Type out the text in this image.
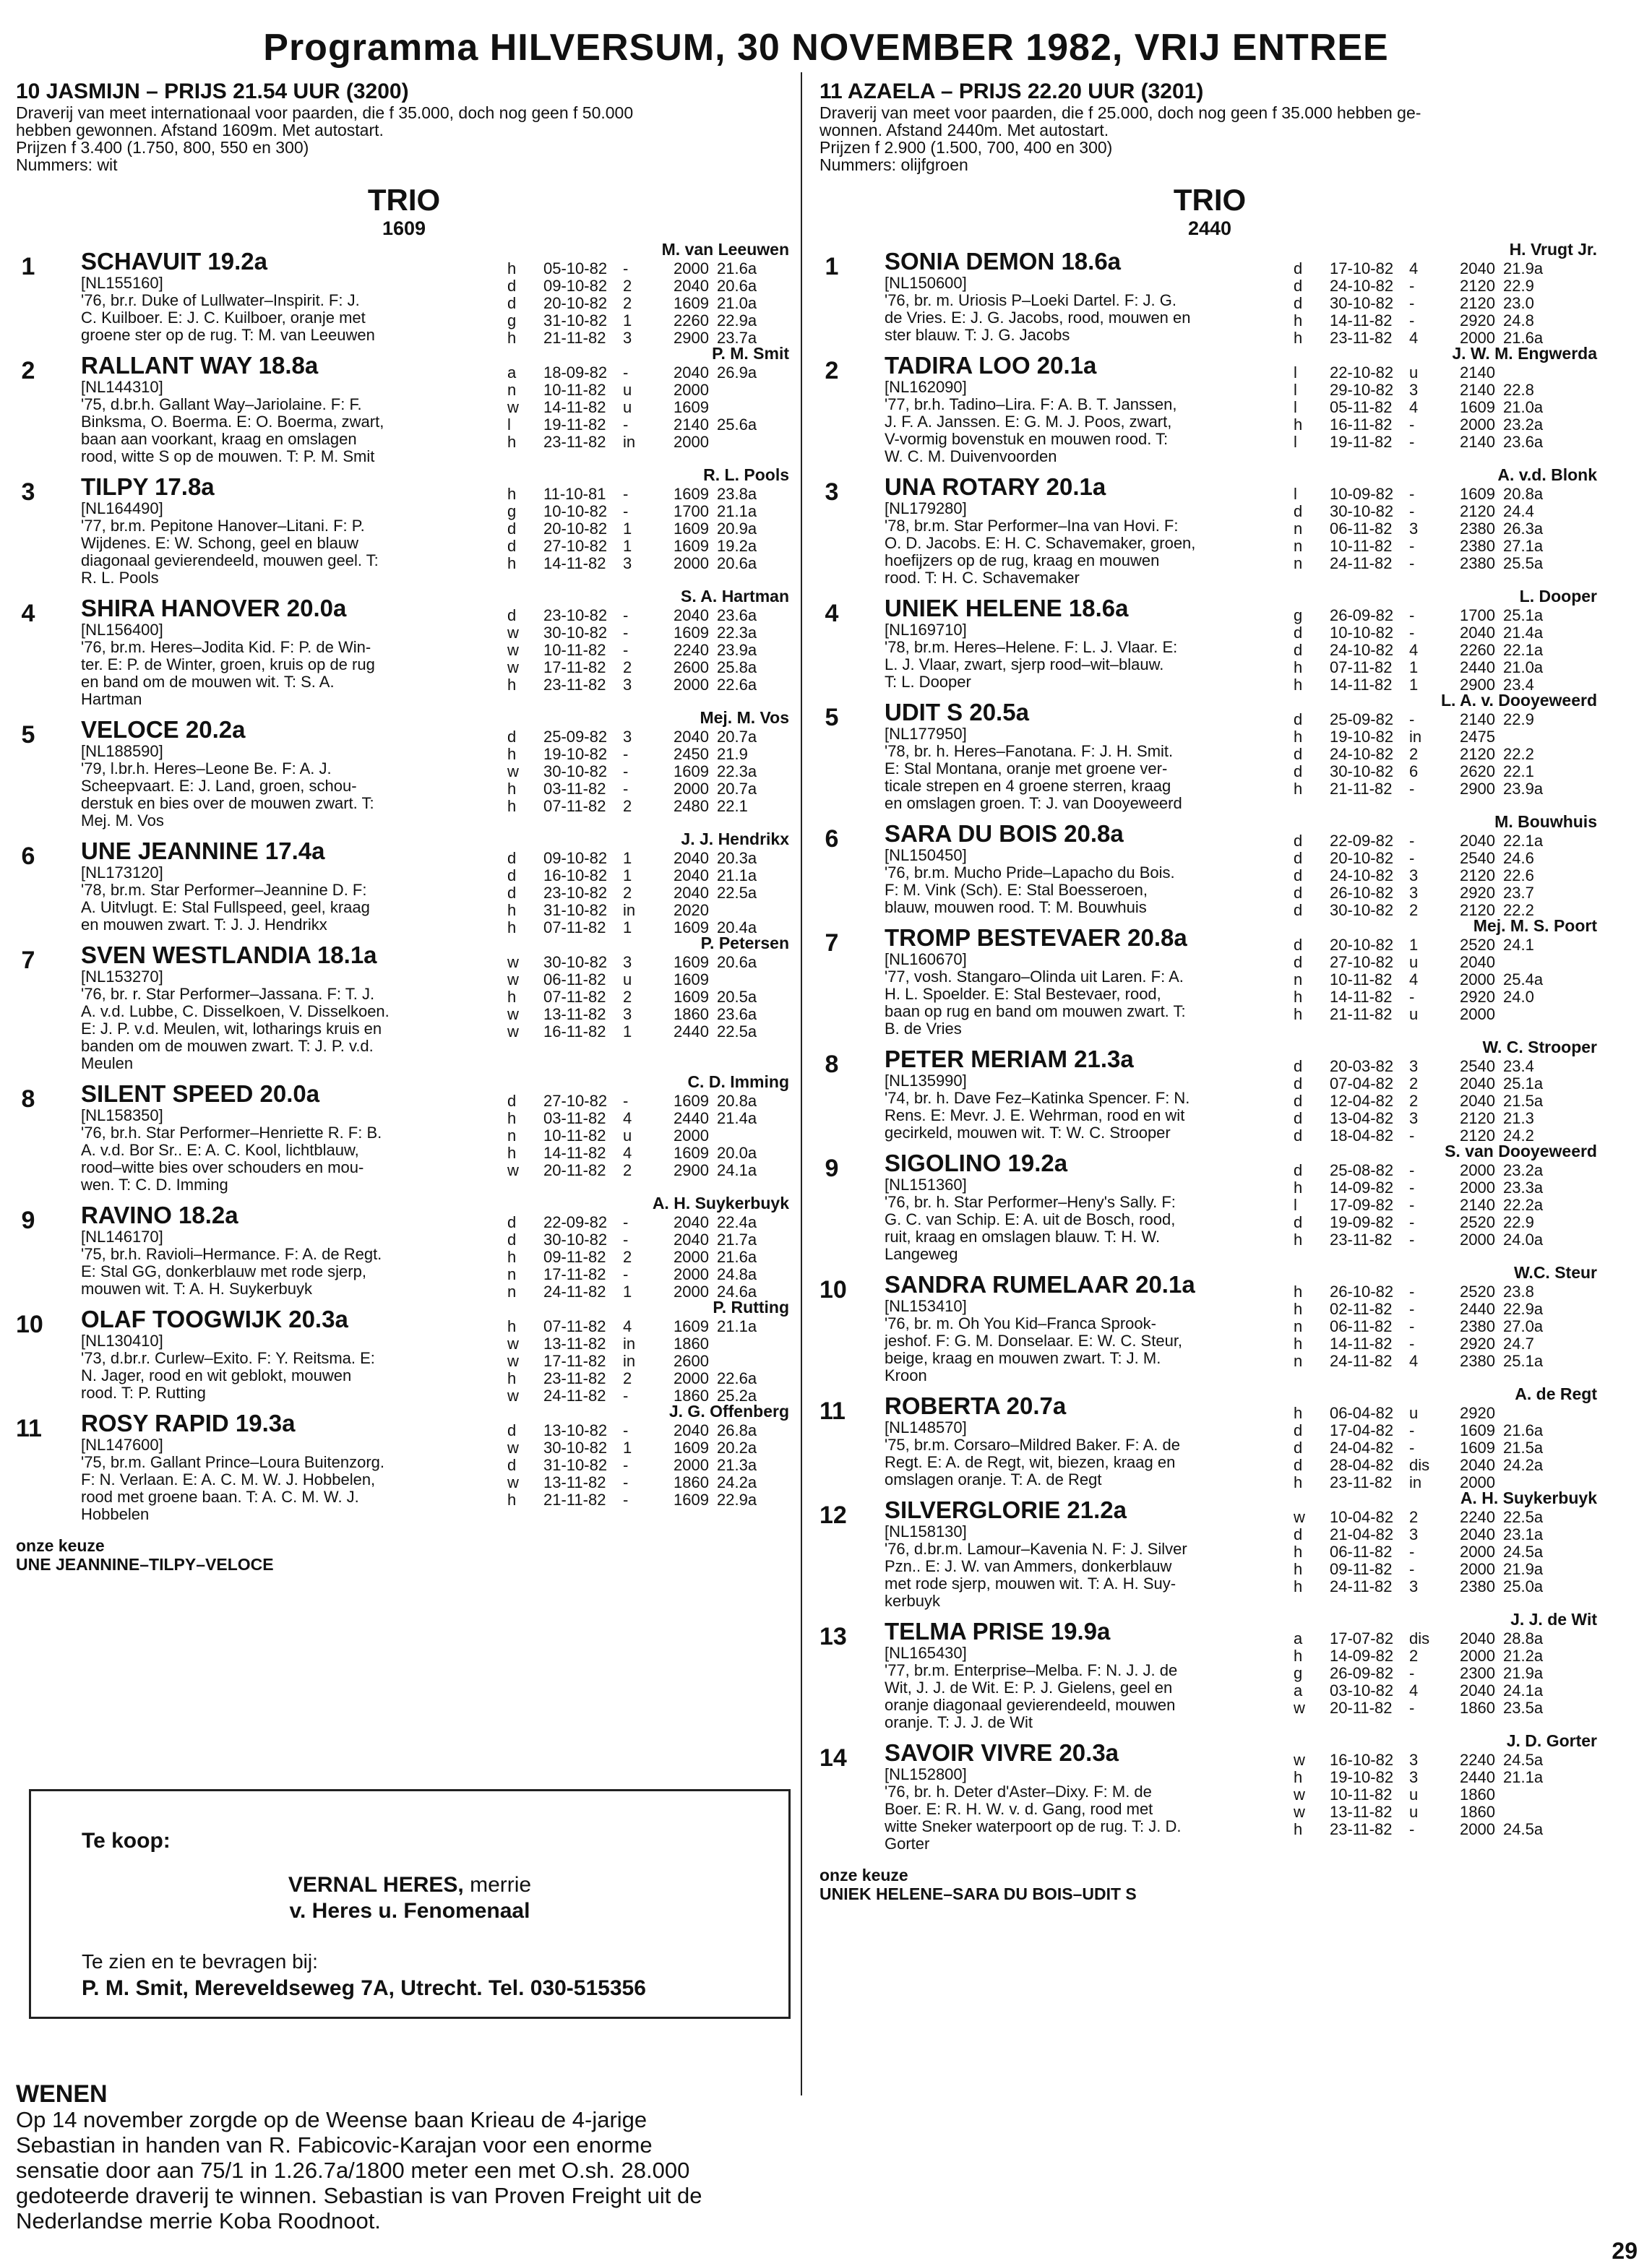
Programma HILVERSUM, 30 NOVEMBER 1982, VRIJ ENTREE
10 JASMIJN – PRIJS 21.54 UUR (3200)
Draverij van meet internationaal voor paarden, die f 35.000, doch nog geen f 50.000
hebben gewonnen. Afstand 1609m. Met autostart.
Prijzen f 3.400 (1.750, 800, 550 en 300)
Nummers: wit
TRIO
1609
1
M. van Leeuwen
SCHAVUIT 19.2a
[NL155160]
'76, br.r. Duke of Lullwater–Inspirit. F: J.
C. Kuilboer. E: J. C. Kuilboer, oranje met
groene ster op de rug. T: M. van Leeuwen
h 05-10-82 -	2000 21.6a
d 09-10-82 2	2040 20.6a
d 20-10-82 2	1609 21.0a
g 31-10-82 1	2260 22.9a
h 21-11-82 3	2900 23.7a
2
P. M. Smit
RALLANT WAY 18.8a
[NL144310]
'75, d.br.h. Gallant Way–Jariolaine. F: F.
Binksma, O. Boerma. E: O. Boerma, zwart,
baan aan voorkant, kraag en omslagen
rood, witte S op de mouwen. T: P. M. Smit
a 18-09-82 -	2040 26.9a
n 10-11-82 u	2000
w 14-11-82 u	1609
l 19-11-82 -	2140 25.6a
h 23-11-82 in 2000
3
R. L. Pools
TILPY 17.8a
[NL164490]
'77, br.m. Pepitone Hanover–Litani. F: P.
Wijdenes. E: W. Schong, geel en blauw
diagonaal gevierendeeld, mouwen geel. T:
R. L. Pools
h 11-10-81 -	1609 23.8a
g 10-10-82 -	1700 21.1a
d 20-10-82 1	1609 20.9a
d 27-10-82 1	1609 19.2a
h 14-11-82 3	2000 20.6a
4
S. A. Hartman
SHIRA HANOVER 20.0a
[NL156400]
'76, br.m. Heres–Jodita Kid. F: P. de Win-
ter. E: P. de Winter, groen, kruis op de rug
en band om de mouwen wit. T: S. A.
Hartman
d 23-10-82 -	2040 23.6a
w 30-10-82 -	1609 22.3a
w 10-11-82 -	2240 23.9a
w 17-11-82 2	2600 25.8a
h 23-11-82 3	2000 22.6a
5
Mej. M. Vos
VELOCE 20.2a
[NL188590]
'79, l.br.h. Heres–Leone Be. F: A. J.
Scheepvaart. E: J. Land, groen, schou-
derstuk en bies over de mouwen zwart. T:
Mej. M. Vos
d 25-09-82 3	2040 20.7a
h 19-10-82 -	2450 21.9
w 30-10-82 -	1609 22.3a
h 03-11-82 -	2000 20.7a
h 07-11-82 2	2480 22.1
6
J. J. Hendrikx
UNE JEANNINE 17.4a
[NL173120]
'78, br.m. Star Performer–Jeannine D. F:
A. Uitvlugt. E: Stal Fullspeed, geel, kraag
en mouwen zwart. T: J. J. Hendrikx
d 09-10-82 1	2040 20.3a
d 16-10-82 1	2040 21.1a
d 23-10-82 2	2040 22.5a
h 31-10-82 in 2020
h 07-11-82 1	1609 20.4a
7
P. Petersen
SVEN WESTLANDIA 18.1a
[NL153270]
'76, br. r. Star Performer–Jassana. F: T. J.
A. v.d. Lubbe, C. Disselkoen, V. Disselkoen.
E: J. P. v.d. Meulen, wit, lotharings kruis en
banden om de mouwen zwart. T: J. P. v.d.
Meulen
w 30-10-82 3	1609 20.6a
w 06-11-82 u	1609
h 07-11-82 2	1609 20.5a
w 13-11-82 3	1860 23.6a
w 16-11-82 1	2440 22.5a
8
C. D. Imming
SILENT SPEED 20.0a
[NL158350]
'76, br.h. Star Performer–Henriette R. F: B.
A. v.d. Bor Sr.. E: A. C. Kool, lichtblauw,
rood–witte bies over schouders en mou-
wen. T: C. D. Imming
d 27-10-82 -	1609 20.8a
h 03-11-82 4	2440 21.4a
n 10-11-82 u	2000
h 14-11-82 4	1609 20.0a
w 20-11-82 2	2900 24.1a
9
A. H. Suykerbuyk
RAVINO 18.2a
[NL146170]
'75, br.h. Ravioli–Hermance. F: A. de Regt.
E: Stal GG, donkerblauw met rode sjerp,
mouwen wit. T: A. H. Suykerbuyk
d 22-09-82 -	2040 22.4a
d 30-10-82 -	2040 21.7a
h 09-11-82 2	2000 21.6a
n 17-11-82 -	2000 24.8a
n 24-11-82 1	2000 24.6a
10
P. Rutting
OLAF TOOGWIJK 20.3a
[NL130410]
'73, d.br.r. Curlew–Exito. F: Y. Reitsma. E:
N. Jager, rood en wit geblokt, mouwen
rood. T: P. Rutting
h 07-11-82 4	1609 21.1a
w 13-11-82 in 1860
w 17-11-82 in 2600
h 23-11-82 2	2000 22.6a
w 24-11-82 -	1860 25.2a
11
J. G. Offenberg
ROSY RAPID 19.3a
[NL147600]
'75, br.m. Gallant Prince–Loura Buitenzorg.
F: N. Verlaan. E: A. C. M. W. J. Hobbelen,
rood met groene baan. T: A. C. M. W. J.
Hobbelen
d 13-10-82 -	2040 26.8a
w 30-10-82 1	1609 20.2a
d 31-10-82 -	2000 21.3a
w 13-11-82 -	1860 24.2a
h 21-11-82 -	1609 22.9a
onze keuze
UNE JEANNINE–TILPY–VELOCE
11 AZAELA – PRIJS 22.20 UUR (3201)
Draverij van meet voor paarden, die f 25.000, doch nog geen f 35.000 hebben ge-
wonnen. Afstand 2440m. Met autostart.
Prijzen f 2.900 (1.500, 700, 400 en 300)
Nummers: olijfgroen
TRIO
2440
1
H. Vrugt Jr.
SONIA DEMON 18.6a
[NL150600]
'76, br. m. Uriosis P–Loeki Dartel. F: J. G.
de Vries. E: J. G. Jacobs, rood, mouwen en
ster blauw. T: J. G. Jacobs
d 17-10-82 4	2040 21.9a
d 24-10-82 -	2120 22.9
d 30-10-82 -	2120 23.0
h 14-11-82 -	2920 24.8
h 23-11-82 4	2000 21.6a
2
J. W. M. Engwerda
TADIRA LOO 20.1a
[NL162090]
'77, br.h. Tadino–Lira. F: A. B. T. Janssen,
J. F. A. Janssen. E: G. M. J. Poos, zwart,
V-vormig bovenstuk en mouwen rood. T:
W. C. M. Duivenvoorden
l 22-10-82 u	2140
l 29-10-82 3	2140 22.8
l 05-11-82 4	1609 21.0a
h 16-11-82 -	2000 23.2a
l 19-11-82 -	2140 23.6a
3
A. v.d. Blonk
UNA ROTARY 20.1a
[NL179280]
'78, br.m. Star Performer–Ina van Hovi. F:
O. D. Jacobs. E: H. C. Schavemaker, groen,
hoefijzers op de rug, kraag en mouwen
rood. T: H. C. Schavemaker
l 10-09-82 -	1609 20.8a
d 30-10-82 -	2120 24.4
n 06-11-82 3	2380 26.3a
n 10-11-82 -	2380 27.1a
n 24-11-82 -	2380 25.5a
4
L. Dooper
UNIEK HELENE 18.6a
[NL169710]
'78, br.m. Heres–Helene. F: L. J. Vlaar. E:
L. J. Vlaar, zwart, sjerp rood–wit–blauw.
T: L. Dooper
g 26-09-82 -	1700 25.1a
d 10-10-82 -	2040 21.4a
d 24-10-82 4	2260 22.1a
h 07-11-82 1	2440 21.0a
h 14-11-82 1	2900 23.4
5
L. A. v. Dooyeweerd
UDIT S 20.5a
[NL177950]
'78, br. h. Heres–Fanotana. F: J. H. Smit.
E: Stal Montana, oranje met groene ver-
ticale strepen en 4 groene sterren, kraag
en omslagen groen. T: J. van Dooyeweerd
d 25-09-82 -	2140 22.9
h 19-10-82 in 2475
d 24-10-82 2	2120 22.2
d 30-10-82 6	2620 22.1
h 21-11-82 -	2900 23.9a
6
M. Bouwhuis
SARA DU BOIS 20.8a
[NL150450]
'76, br.m. Mucho Pride–Lapacho du Bois.
F: M. Vink (Sch). E: Stal Boesseroen,
blauw, mouwen rood. T: M. Bouwhuis
d 22-09-82 -	2040 22.1a
d 20-10-82 -	2540 24.6
d 24-10-82 3	2120 22.6
d 26-10-82 3	2920 23.7
d 30-10-82 2	2120 22.2
7
Mej. M. S. Poort
TROMP BESTEVAER 20.8a
[NL160670]
'77, vosh. Stangaro–Olinda uit Laren. F: A.
H. L. Spoelder. E: Stal Bestevaer, rood,
baan op rug en band om mouwen zwart. T:
B. de Vries
d 20-10-82 1	2520 24.1
d 27-10-82 u	2040
n 10-11-82 4	2000 25.4a
h 14-11-82 -	2920 24.0
h 21-11-82 u	2000
8
W. C. Strooper
PETER MERIAM 21.3a
[NL135990]
'74, br. h. Dave Fez–Katinka Spencer. F: N.
Rens. E: Mevr. J. E. Wehrman, rood en wit
gecirkeld, mouwen wit. T: W. C. Strooper
d 20-03-82 3	2540 23.4
d 07-04-82 2	2040 25.1a
d 12-04-82 2	2040 21.5a
d 13-04-82 3	2120 21.3
d 18-04-82 -	2120 24.2
9
S. van Dooyeweerd
SIGOLINO 19.2a
[NL151360]
'76, br. h. Star Performer–Heny's Sally. F:
G. C. van Schip. E: A. uit de Bosch, rood,
ruit, kraag en omslagen blauw. T: H. W.
Langeweg
d 25-08-82 -	2000 23.2a
h 14-09-82 -	2000 23.3a
l 17-09-82 -	2140 22.2a
d 19-09-82 -	2520 22.9
h 23-11-82 -	2000 24.0a
10
W.C. Steur
SANDRA RUMELAAR 20.1a
[NL153410]
'76, br. m. Oh You Kid–Franca Sprook-
jeshof. F: G. M. Donselaar. E: W. C. Steur,
beige, kraag en mouwen zwart. T: J. M.
Kroon
h 26-10-82 -	2520 23.8
h 02-11-82 -	2440 22.9a
n 06-11-82 -	2380 27.0a
h 14-11-82 -	2920 24.7
n 24-11-82 4	2380 25.1a
11
A. de Regt
ROBERTA 20.7a
[NL148570]
'75, br.m. Corsaro–Mildred Baker. F: A. de
Regt. E: A. de Regt, wit, biezen, kraag en
omslagen oranje. T: A. de Regt
h 06-04-82 u	2920
d 17-04-82 -	1609 21.6a
d 24-04-82 -	1609 21.5a
d 28-04-82 dis 2040 24.2a
h 23-11-82 in 2000
12
A. H. Suykerbuyk
SILVERGLORIE 21.2a
[NL158130]
'76, d.br.m. Lamour–Kavenia N. F: J. Silver
Pzn.. E: J. W. van Ammers, donkerblauw
met rode sjerp, mouwen wit. T: A. H. Suy-
kerbuyk
w 10-04-82 2	2240 22.5a
d 21-04-82 3	2040 23.1a
h 06-11-82 -	2000 24.5a
h 09-11-82 -	2000 21.9a
h 24-11-82 3	2380 25.0a
13
J. J. de Wit
TELMA PRISE 19.9a
[NL165430]
'77, br.m. Enterprise–Melba. F: N. J. J. de
Wit, J. J. de Wit. E: P. J. Gielens, geel en
oranje diagonaal gevierendeeld, mouwen
oranje. T: J. J. de Wit
a 17-07-82 dis 2040 28.8a
h 14-09-82 2	2000 21.2a
g 26-09-82 -	2300 21.9a
a 03-10-82 4	2040 24.1a
w 20-11-82 -	1860 23.5a
14
J. D. Gorter
SAVOIR VIVRE 20.3a
[NL152800]
'76, br. h. Deter d'Aster–Dixy. F: M. de
Boer. E: R. H. W. v. d. Gang, rood met
witte Sneker waterpoort op de rug. T: J. D.
Gorter
w 16-10-82 3	2240 24.5a
h 19-10-82 3	2440 21.1a
w 10-11-82 u	1860
w 13-11-82 u	1860
h 23-11-82 -	2000 24.5a
onze keuze
UNIEK HELENE–SARA DU BOIS–UDIT S
Te koop:
VERNAL HERES, merrie
v. Heres u. Fenomenaal
Te zien en te bevragen bij:
P. M. Smit, Mereveldseweg 7A, Utrecht. Tel. 030-515356
WENEN
Op 14 november zorgde op de Weense baan Krieau de 4-jarige
Sebastian in handen van R. Fabicovic-Karajan voor een enorme
sensatie door aan 75/1 in 1.26.7a/1800 meter een met O.sh. 28.000
gedoteerde draverij te winnen. Sebastian is van Proven Freight uit de
Nederlandse merrie Koba Roodnoot.
29
